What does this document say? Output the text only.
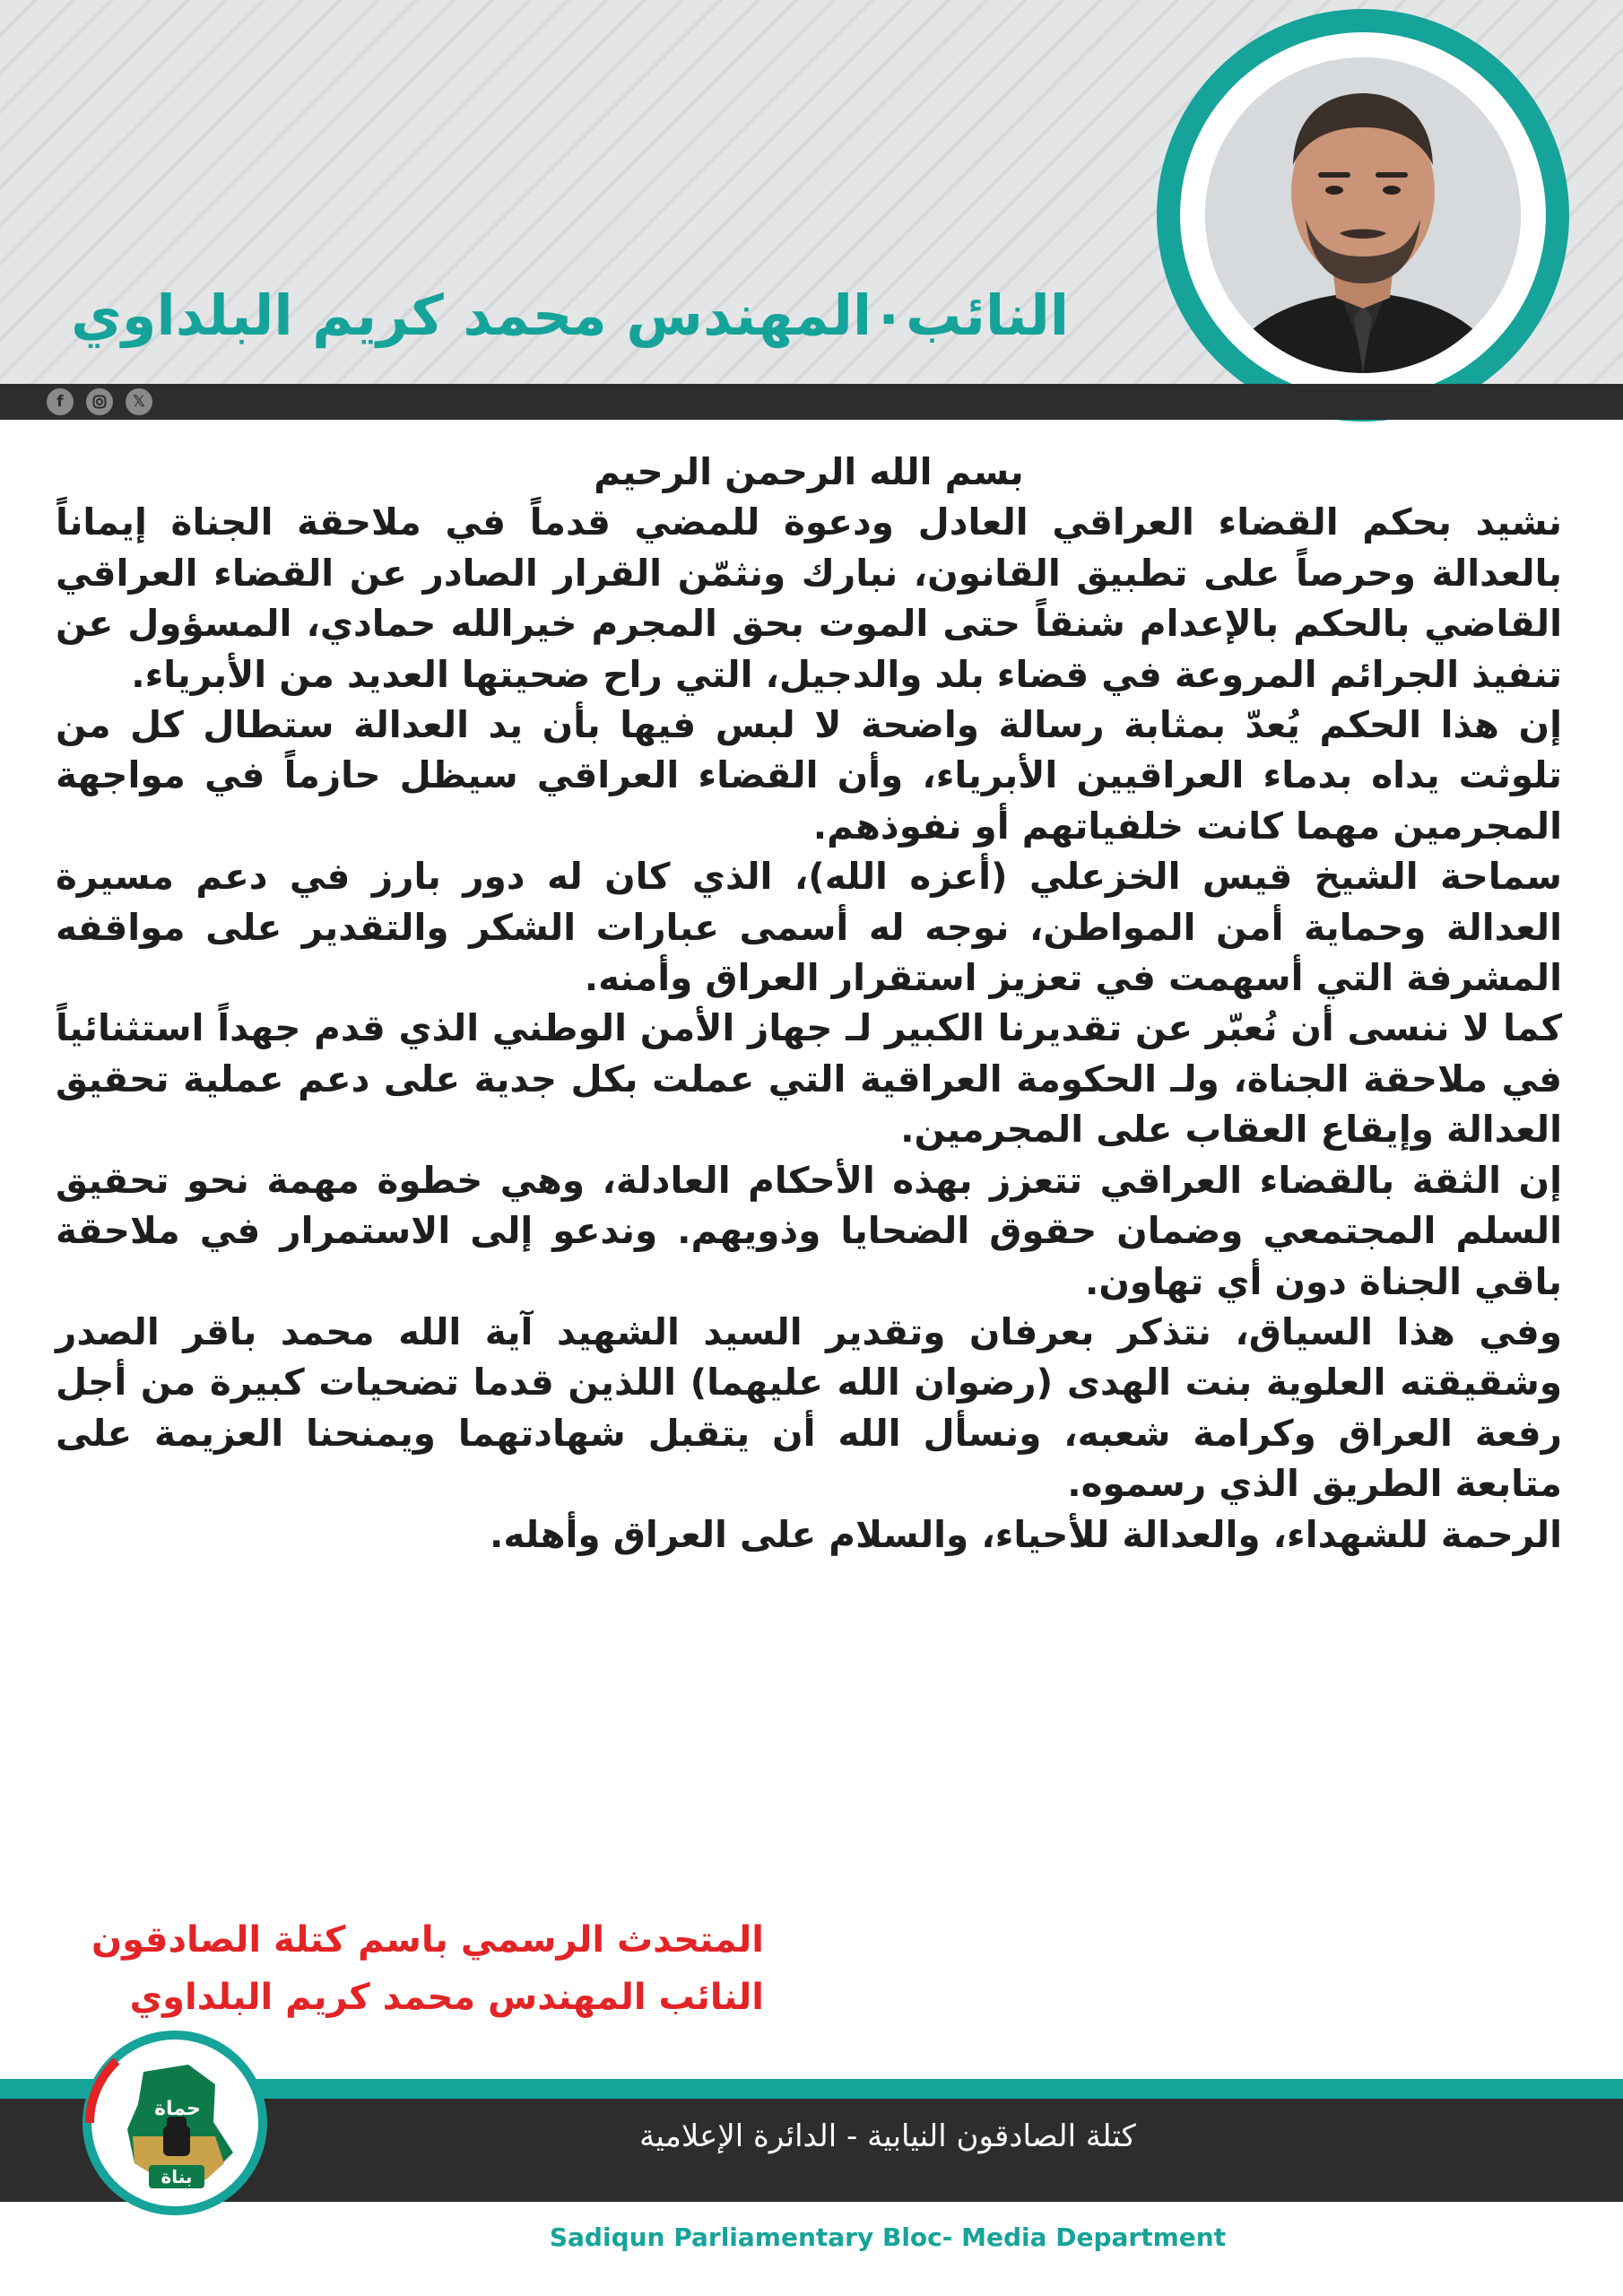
النائب٠المهندس محمد كريم البلداوي
f	𝕏

بسم الله الرحمن الرحيم

نشيد بحكم القضاء العراقي العادل ودعوة للمضي قدماً في ملاحقة الجناة إيماناً بالعدالة وحرصاً على تطبيق القانون، نبارك ونثمّن القرار الصادر عن القضاء العراقي القاضي بالحكم بالإعدام شنقاً حتى الموت بحق المجرم خيرالله حمادي، المسؤول عن تنفيذ الجرائم المروعة في قضاء بلد والدجيل، التي راح ضحيتها العديد من الأبرياء.

إن هذا الحكم يُعدّ بمثابة رسالة واضحة لا لبس فيها بأن يد العدالة ستطال كل من تلوثت يداه بدماء العراقيين الأبرياء، وأن القضاء العراقي سيظل حازماً في مواجهة المجرمين مهما كانت خلفياتهم أو نفوذهم.

سماحة الشيخ قيس الخزعلي (أعزه الله)، الذي كان له دور بارز في دعم مسيرة العدالة وحماية أمن المواطن، نوجه له أسمى عبارات الشكر والتقدير على مواقفه المشرفة التي أسهمت في تعزيز استقرار العراق وأمنه.

كما لا ننسى أن نُعبّر عن تقديرنا الكبير لـ جهاز الأمن الوطني الذي قدم جهداً استثنائياً في ملاحقة الجناة، ولـ الحكومة العراقية التي عملت بكل جدية على دعم عملية تحقيق العدالة وإيقاع العقاب على المجرمين.

إن الثقة بالقضاء العراقي تتعزز بهذه الأحكام العادلة، وهي خطوة مهمة نحو تحقيق السلم المجتمعي وضمان حقوق الضحايا وذويهم. وندعو إلى الاستمرار في ملاحقة باقي الجناة دون أي تهاون.

وفي هذا السياق، نتذكر بعرفان وتقدير السيد الشهيد آية الله محمد باقر الصدر وشقيقته العلوية بنت الهدى (رضوان الله عليهما) اللذين قدما تضحيات كبيرة من أجل رفعة العراق وكرامة شعبه، ونسأل الله أن يتقبل شهادتهما ويمنحنا العزيمة على متابعة الطريق الذي رسموه.

الرحمة للشهداء، والعدالة للأحياء، والسلام على العراق وأهله.

المتحدث الرسمي باسم كتلة الصادقون
النائب المهندس محمد كريم البلداوي
كتلة الصادقون النيابية - الدائرة الإعلامية
Sadiqun Parliamentary Bloc- Media Department
حماة
بناة
